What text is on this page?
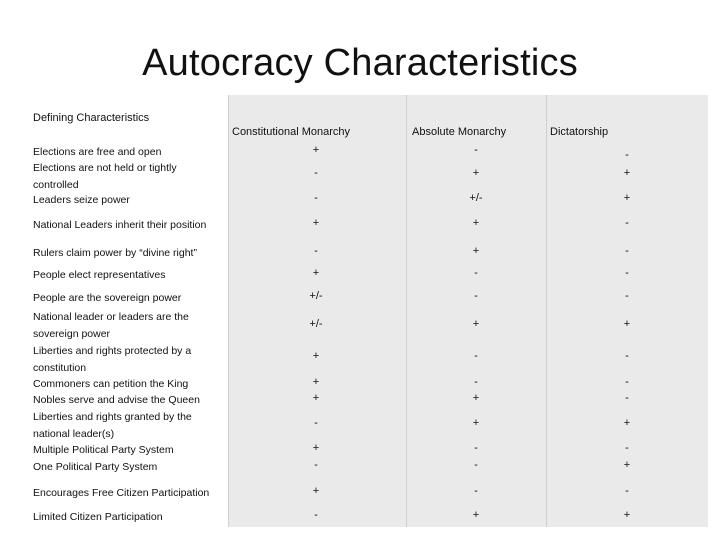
Autocracy Characteristics
Defining Characteristics
Constitutional Monarchy	Absolute Monarchy	Dictatorship
Elections are free and open	+	-	-
Elections are not held or tightly controlled
-	+	+
Leaders seize power	-	+/-	+
National Leaders inherit their position	+	+	-
Rulers claim power by “divine right”	-	+	-
People elect representatives	+	-	-
People are the sovereign power	+/-	-	-
National leader or leaders are the sovereign power
+/-	+	+
Liberties and rights protected by a constitution
+	-	-
Commoners can petition the King	+	-	-
Nobles serve and advise the Queen	+	+	-
Liberties and rights granted by the national leader(s)
-	+	+
Multiple Political Party System	+	-	-
One Political Party System	-	-	+
Encourages Free Citizen Participation	+	-	-
Limited Citizen Participation	-	+	+
